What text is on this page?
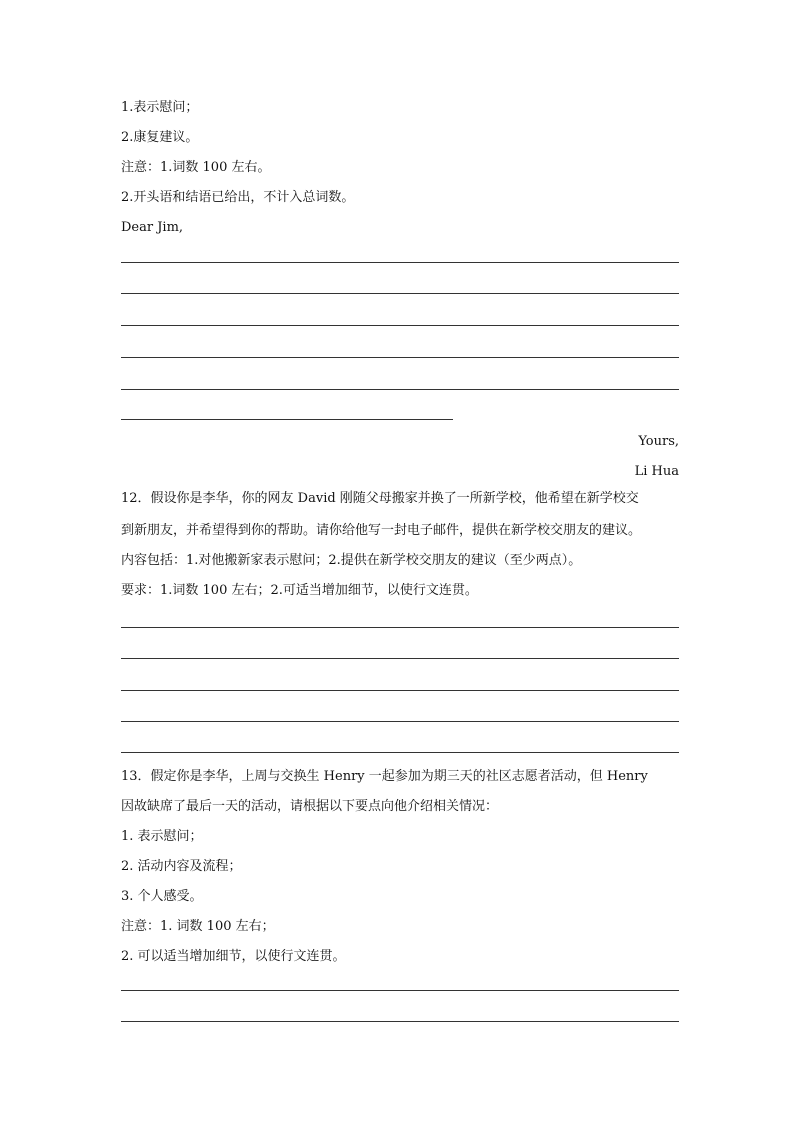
1.表示慰问；
2.康复建议。
注意：1.词数 100 左右。
2.开头语和结语已给出，不计入总词数。
Dear Jim,
Yours,
Li Hua
12．假设你是李华，你的网友 David 刚随父母搬家并换了一所新学校，他希望在新学校交
到新朋友，并希望得到你的帮助。请你给他写一封电子邮件，提供在新学校交朋友的建议。
内容包括：1.对他搬新家表示慰问；2.提供在新学校交朋友的建议（至少两点）。
要求：1.词数 100 左右；2.可适当增加细节，以使行文连贯。
13．假定你是李华，上周与交换生 Henry 一起参加为期三天的社区志愿者活动，但 Henry
因故缺席了最后一天的活动，请根据以下要点向他介绍相关情况：
1. 表示慰问；
2. 活动内容及流程；
3. 个人感受。
注意：1. 词数 100 左右；
2. 可以适当增加细节，以使行文连贯。
